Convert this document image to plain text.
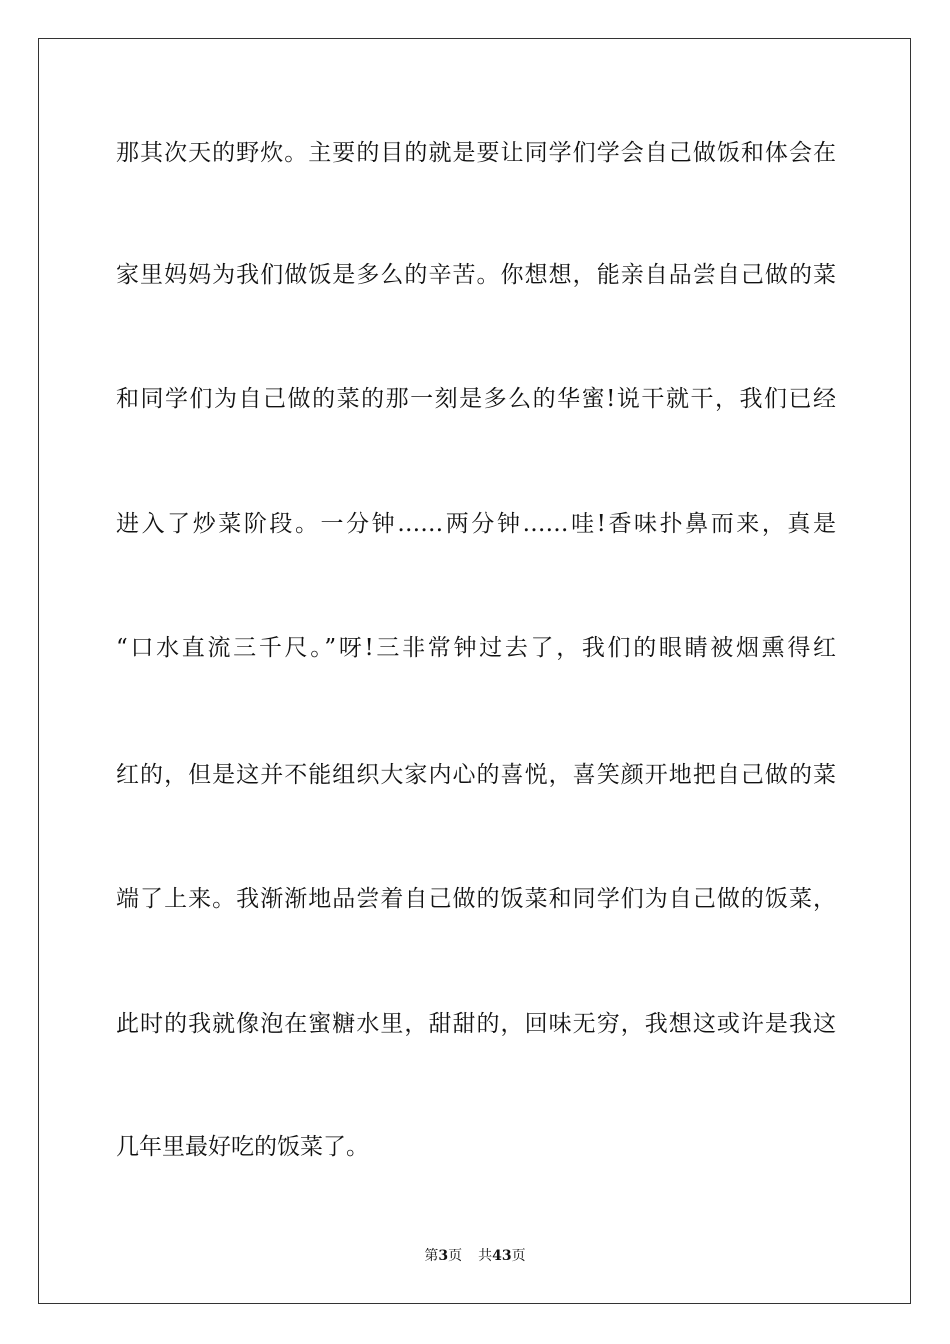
那其次天的野炊。主要的目的就是要让同学们学会自己做饭和体会在
家里妈妈为我们做饭是多么的辛苦。你想想，能亲自品尝自己做的菜
和同学们为自己做的菜的那一刻是多么的华蜜!说干就干，我们已经
进入了炒菜阶段。一分钟……两分钟……哇!香味扑鼻而来，真是
“口水直流三千尺。”呀!三非常钟过去了，我们的眼睛被烟熏得红
红的，但是这并不能组织大家内心的喜悦，喜笑颜开地把自己做的菜
端了上来。我渐渐地品尝着自己做的饭菜和同学们为自己做的饭菜，
此时的我就像泡在蜜糖水里，甜甜的，回味无穷，我想这或许是我这
几年里最好吃的饭菜了。
第3页 共43页
